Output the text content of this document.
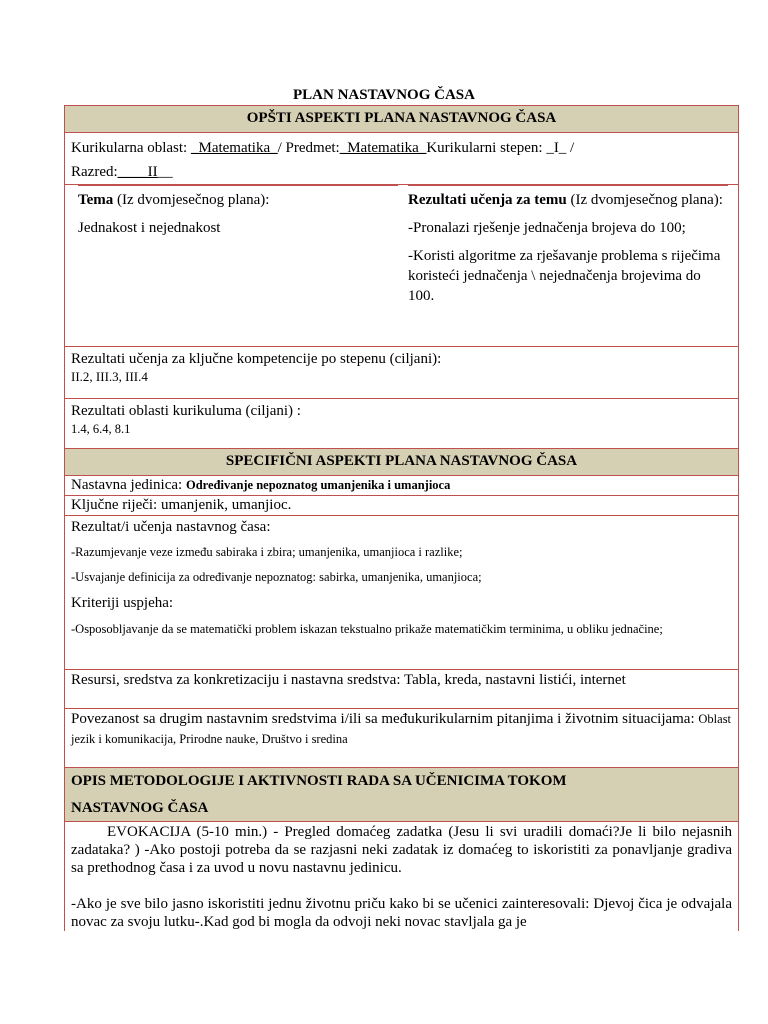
PLAN NASTAVNOG ČASA
OPŠTI ASPEKTI PLANA NASTAVNOG ČASA
Kurikularna oblast: _Matematika_/ Predmet:_Matematika_Kurikularni stepen: _I_ /
Razred:____II__
Tema (Iz dvomjesečnog plana):
Jednakost i nejednakost
Rezultati učenja za temu (Iz dvomjesečnog plana):
-Pronalazi rješenje jednačenja brojeva do 100;
-Koristi algoritme za rješavanje problema s riječima koristeći jednačenja \ nejednačenja brojevima do 100.
Rezultati učenja za ključne kompetencije po stepenu (ciljani):
II.2, III.3, III.4
Rezultati oblasti kurikuluma (ciljani) :
1.4, 6.4, 8.1
SPECIFIČNI ASPEKTI PLANA NASTAVNOG ČASA
Nastavna jedinica: Određivanje nepoznatog umanjenika i umanjioca
Ključne riječi: umanjenik, umanjioc.
Rezultat/i učenja nastavnog časa:
-Razumjevanje veze između sabiraka i zbira; umanjenika, umanjioca i razlike;
-Usvajanje definicija za određivanje nepoznatog: sabirka, umanjenika, umanjioca;
Kriteriji uspjeha:
-Osposobljavanje da se matematički problem iskazan tekstualno prikaže matematičkim terminima, u obliku jednačine;
Resursi, sredstva za konkretizaciju i nastavna sredstva: Tabla, kreda, nastavni listići, internet
Povezanost sa drugim nastavnim sredstvima i/ili sa međukurikularnim pitanjima i životnim situacijama: Oblast jezik i komunikacija, Prirodne nauke, Društvo i sredina
OPIS METODOLOGIJE I AKTIVNOSTI RADA SA UČENICIMA TOKOM
NASTAVNOG ČASA
EVOKACIJA (5-10 min.) - Pregled domaćeg zadatka (Jesu li svi uradili domaći?Je li bilo nejasnih zadataka? ) -Ako postoji potreba da se razjasni neki zadatak iz domaćeg to iskoristiti za ponavljanje gradiva sa prethodnog časa i za uvod u novu nastavnu jedinicu.
-Ako je sve bilo jasno iskoristiti jednu životnu priču kako bi se učenici zainteresovali: Djevoj čica je odvajala novac za svoju lutku-.Kad god bi mogla da odvoji neki novac stavljala ga je
